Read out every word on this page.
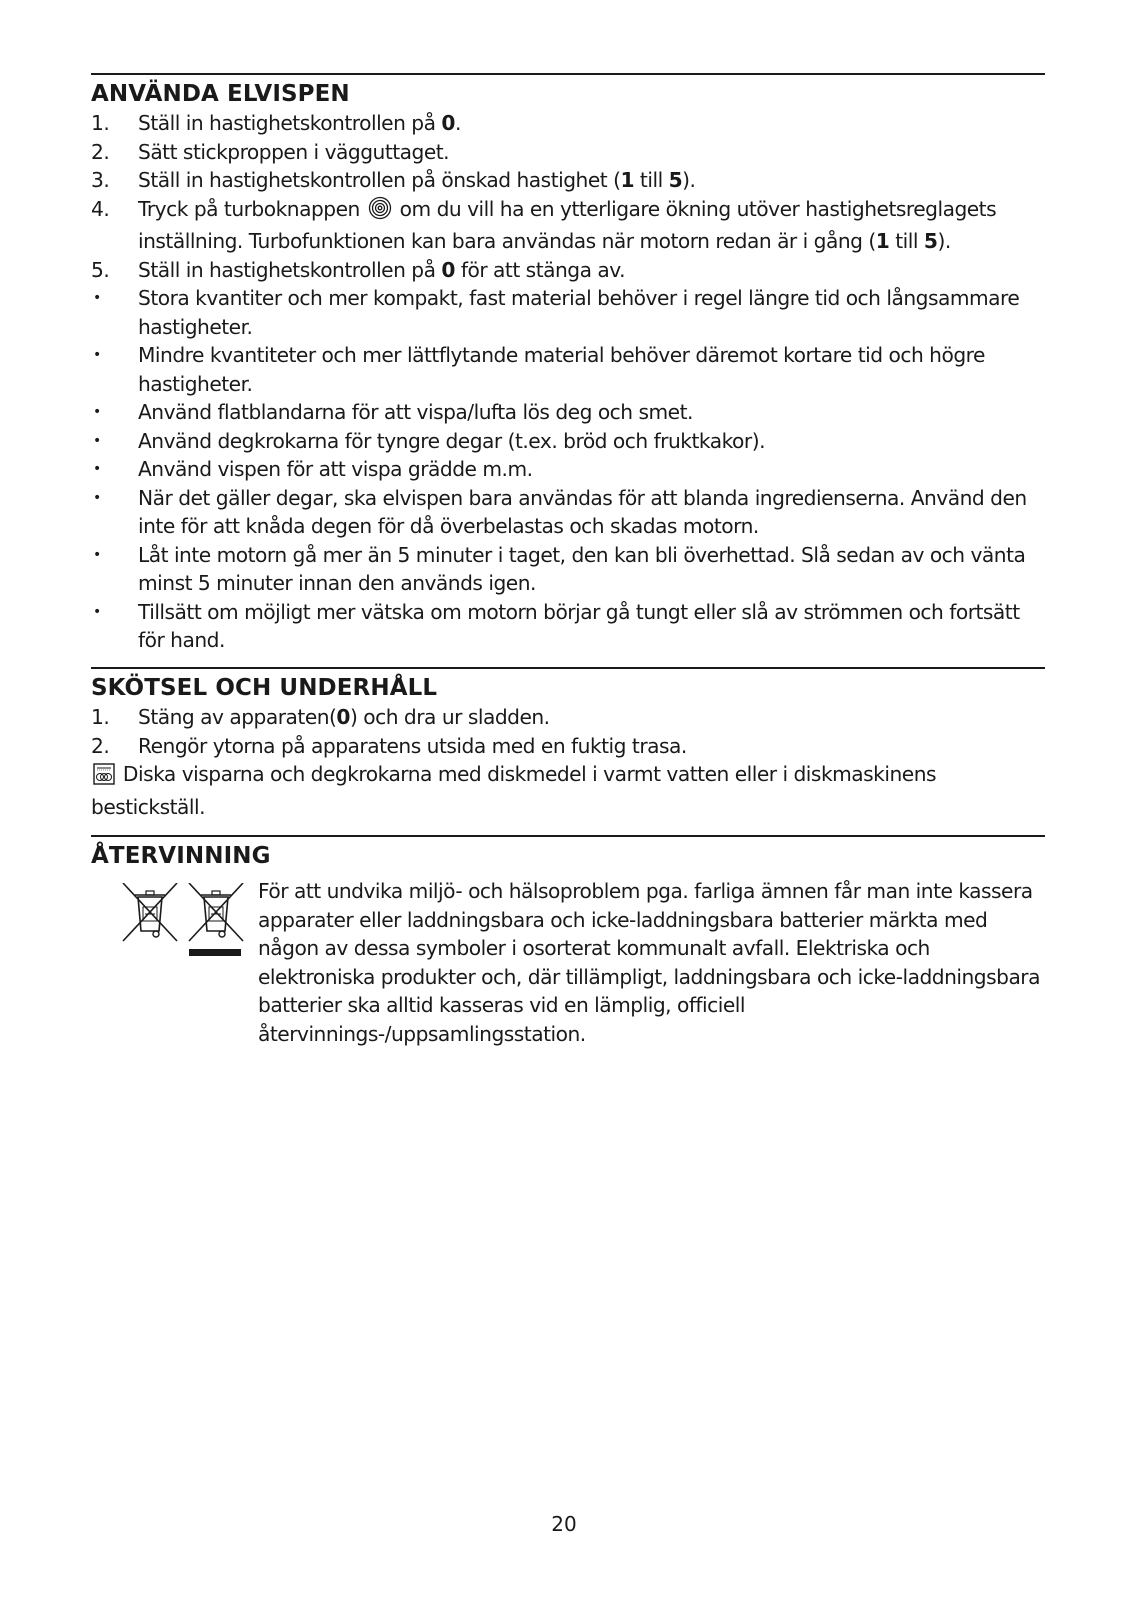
ANVÄNDA ELVISPEN
1. Ställ in hastighetskontrollen på 0.
2. Sätt stickproppen i vägguttaget.
3. Ställ in hastighetskontrollen på önskad hastighet (1 till 5).
4. Tryck på turboknappen  om du vill ha en ytterligare ökning utöver hastighetsreglagets inställning. Turbofunktionen kan bara användas när motorn redan är i gång (1 till 5).
5. Ställ in hastighetskontrollen på 0 för att stänga av.
• Stora kvantiter och mer kompakt, fast material behöver i regel längre tid och långsammare hastigheter.
• Mindre kvantiteter och mer lättflytande material behöver däremot kortare tid och högre hastigheter.
• Använd flatblandarna för att vispa/lufta lös deg och smet.
• Använd degkrokarna för tyngre degar (t.ex. bröd och fruktkakor).
• Använd vispen för att vispa grädde m.m.
• När det gäller degar, ska elvispen bara användas för att blanda ingredienserna. Använd den inte för att knåda degen för då överbelastas och skadas motorn.
• Låt inte motorn gå mer än 5 minuter i taget, den kan bli överhettad. Slå sedan av och vänta minst 5 minuter innan den används igen.
• Tillsätt om möjligt mer vätska om motorn börjar gå tungt eller slå av strömmen och fortsätt för hand.
SKÖTSEL OCH UNDERHÅLL
1. Stäng av apparaten(0) och dra ur sladden.
2. Rengör ytorna på apparatens utsida med en fuktig trasa.
Diska visparna och degkrokarna med diskmedel i varmt vatten eller i diskmaskinens bestickställ.
ÅTERVINNING
För att undvika miljö- och hälsoproblem pga. farliga ämnen får man inte kassera apparater eller laddningsbara och icke-laddningsbara batterier märkta med någon av dessa symboler i osorterat kommunalt avfall. Elektriska och elektroniska produkter och, där tillämpligt, laddningsbara och icke-laddningsbara batterier ska alltid kasseras vid en lämplig, officiell återvinnings-/uppsamlingsstation.
20
